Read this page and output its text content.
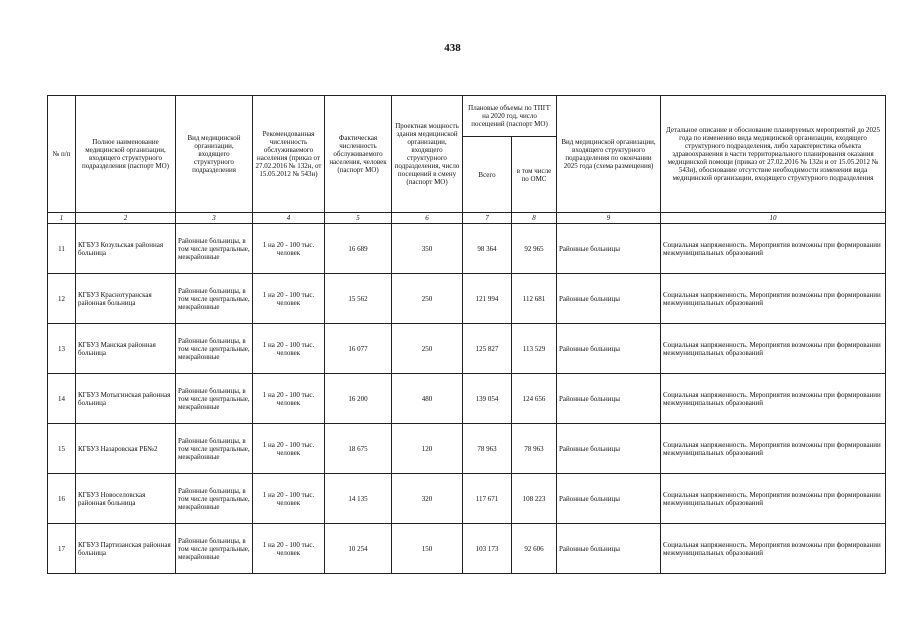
438
№ п/п	Полное наименование медицинской организации, входящего структурного подразделения (паспорт МО)	Вид медицинской организации, входящего структурного подразделения	Рекомендованная численность обслуживаемого населения (приказ от 27.02.2016 № 132н, от 15.05.2012 № 543н)	Фактическая численность обслуживаемого населения, человек (паспорт МО)	Проектная мощность здания медицинской организации, входящего структурного подразделения, число посещений в смену (паспорт МО)	Плановые объемы по ТПГГ на 2020 год, число посещений (паспорт МО)		Вид медицинской организации, входящего структурного подразделения по окончании 2025 года (схема размещения)	Детальное описание и обоснование планируемых мероприятий до 2025 года по изменению вида медицинской организации, входящего структурного подразделения, либо характеристика объекта здравоохранения в части территориального планирования оказания медицинской помощи (приказ от 27.02.2016 № 132н и от 15.05.2012 № 543н), обоснование отсутствие необходимости изменения вида медицинской организации, входящего структурного подразделения
						Всего	в том числе по ОМС		
1	2	3	4	5	6	7	8	9	10
11	КГБУЗ Козульская районная больница	Районные больницы, в том числе центральные, межрайонные	1 на 20 - 100 тыс. человек	16 689	350	98 364	92 965	Районные больницы	Социальная напряженность. Мероприятия возможны при формировании межмуниципальных образований
12	КГБУЗ Краснотуранская районная больница	Районные больницы, в том числе центральные, межрайонные	1 на 20 - 100 тыс. человек	15 562	250	121 994	112 681	Районные больницы	Социальная напряженность. Мероприятия возможны при формировании межмуниципальных образований
13	КГБУЗ Манская районная больница	Районные больницы, в том числе центральные, межрайонные	1 на 20 - 100 тыс. человек	16 077	250	125 827	113 529	Районные больницы	Социальная напряженность. Мероприятия возможны при формировании межмуниципальных образований
14	КГБУЗ Мотыгинская районная больница	Районные больницы, в том числе центральные, межрайонные	1 на 20 - 100 тыс. человек	16 200	480	139 054	124 656	Районные больницы	Социальная напряженность. Мероприятия возможны при формировании межмуниципальных образований
15	КГБУЗ Назаровская РБ№2	Районные больницы, в том числе центральные, межрайонные	1 на 20 - 100 тыс. человек	18 675	120	78 963	78 963	Районные больницы	Социальная напряженность. Мероприятия возможны при формировании межмуниципальных образований
16	КГБУЗ Новоселовская районная больница	Районные больницы, в том числе центральные, межрайонные	1 на 20 - 100 тыс. человек	14 135	320	117 671	108 223	Районные больницы	Социальная напряженность. Мероприятия возможны при формировании межмуниципальных образований
17	КГБУЗ Партизанская районная больница	Районные больницы, в том числе центральные, межрайонные	1 на 20 - 100 тыс. человек	10 254	150	103 173	92 606	Районные больницы	Социальная напряженность. Мероприятия возможны при формировании межмуниципальных образований
